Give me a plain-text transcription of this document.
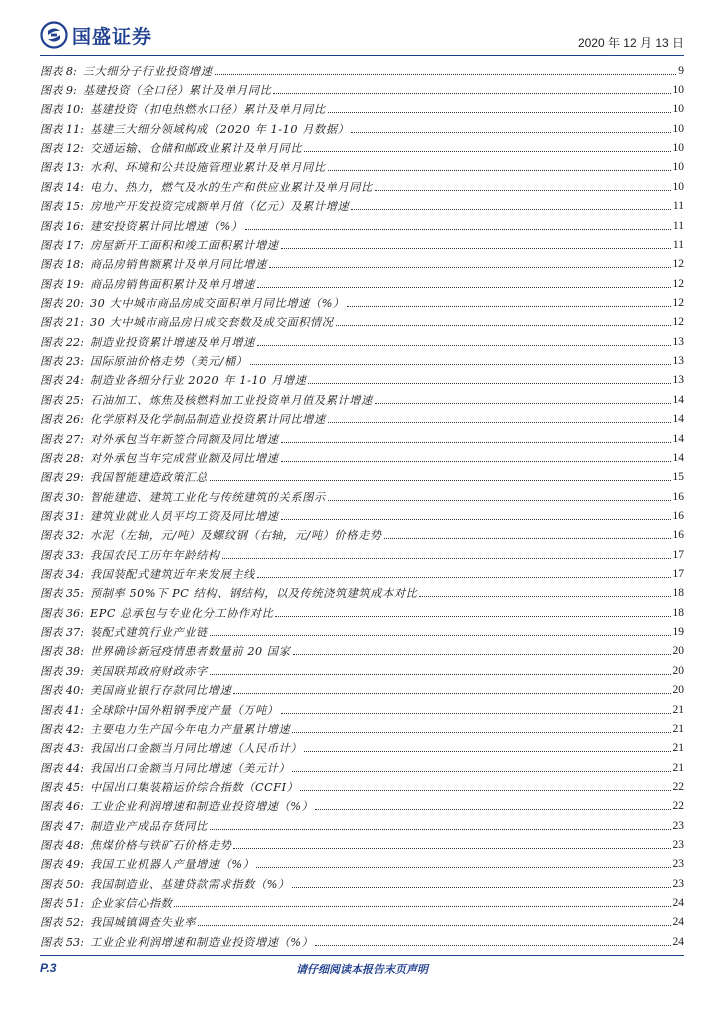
国盛证券	2020 年 12 月 13 日
图表 8: 三大细分子行业投资增速	9
图表 9: 基建投资（全口径）累计及单月同比	10
图表 10: 基建投资（扣电热燃水口径）累计及单月同比	10
图表 11: 基建三大细分领域构成（2020 年 1-10 月数据）	10
图表 12: 交通运输、仓储和邮政业累计及单月同比	10
图表 13: 水利、环境和公共设施管理业累计及单月同比	10
图表 14: 电力、热力，燃气及水的生产和供应业累计及单月同比	10
图表 15: 房地产开发投资完成额单月值（亿元）及累计增速	11
图表 16: 建安投资累计同比增速（%）	11
图表 17: 房屋新开工面积和竣工面积累计增速	11
图表 18: 商品房销售额累计及单月同比增速	12
图表 19: 商品房销售面积累计及单月增速	12
图表 20: 30 大中城市商品房成交面积单月同比增速（%）	12
图表 21: 30 大中城市商品房日成交套数及成交面积情况	12
图表 22: 制造业投资累计增速及单月增速	13
图表 23: 国际原油价格走势（美元/桶）	13
图表 24: 制造业各细分行业 2020 年 1-10 月增速	13
图表 25: 石油加工、炼焦及核燃料加工业投资单月值及累计增速	14
图表 26: 化学原料及化学制品制造业投资累计同比增速	14
图表 27: 对外承包当年新签合同额及同比增速	14
图表 28: 对外承包当年完成营业额及同比增速	14
图表 29: 我国智能建造政策汇总	15
图表 30: 智能建造、建筑工业化与传统建筑的关系图示	16
图表 31: 建筑业就业人员平均工资及同比增速	16
图表 32: 水泥（左轴，元/吨）及螺纹钢（右轴，元/吨）价格走势	16
图表 33: 我国农民工历年年龄结构	17
图表 34: 我国装配式建筑近年来发展主线	17
图表 35: 预制率 50%下 PC 结构、钢结构，以及传统浇筑建筑成本对比	18
图表 36: EPC 总承包与专业化分工协作对比	18
图表 37: 装配式建筑行业产业链	19
图表 38: 世界确诊新冠疫情患者数量前 20 国家	20
图表 39: 美国联邦政府财政赤字	20
图表 40: 美国商业银行存款同比增速	20
图表 41: 全球除中国外粗钢季度产量（万吨）	21
图表 42: 主要电力生产国今年电力产量累计增速	21
图表 43: 我国出口金额当月同比增速（人民币计）	21
图表 44: 我国出口金额当月同比增速（美元计）	21
图表 45: 中国出口集装箱运价综合指数（CCFI）	22
图表 46: 工业企业利润增速和制造业投资增速（%）	22
图表 47: 制造业产成品存货同比	23
图表 48: 焦煤价格与铁矿石价格走势	23
图表 49: 我国工业机器人产量增速（%）	23
图表 50: 我国制造业、基建贷款需求指数（%）	23
图表 51: 企业家信心指数	24
图表 52: 我国城镇调查失业率	24
图表 53: 工业企业利润增速和制造业投资增速（%）	24
P.3	请仔细阅读本报告末页声明
